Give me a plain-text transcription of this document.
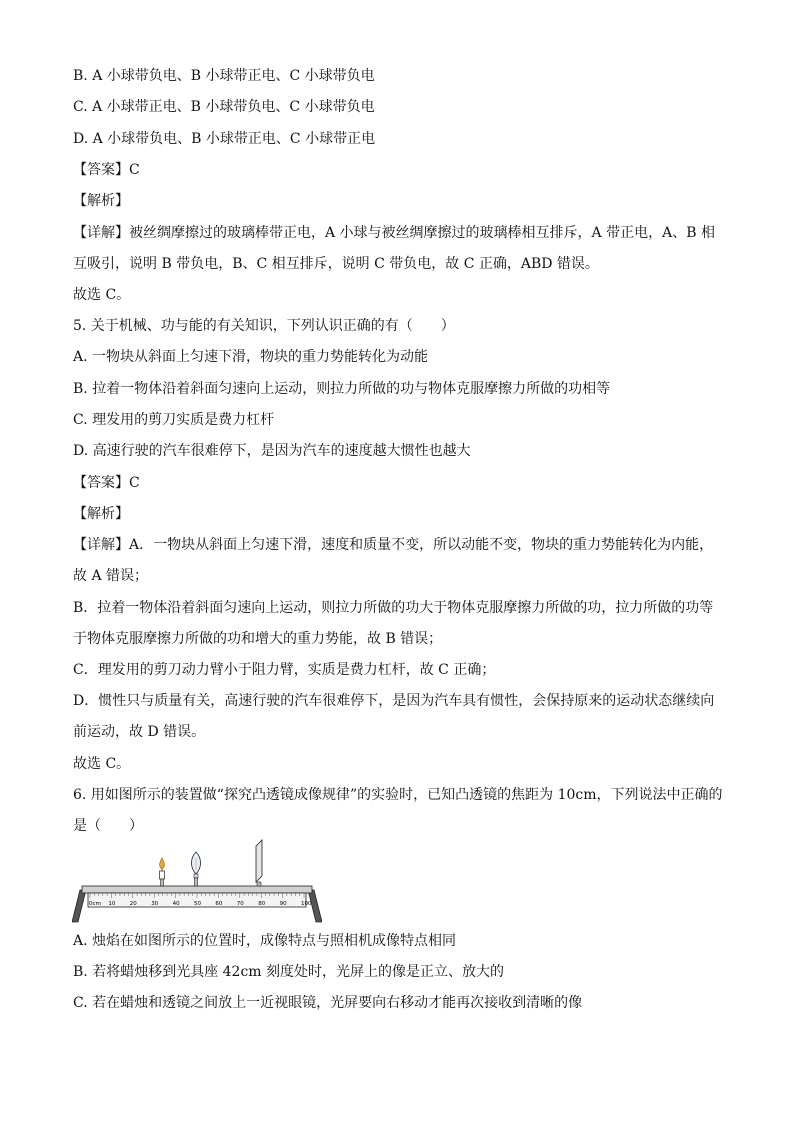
B. A 小球带负电、B 小球带正电、C 小球带负电
C. A 小球带正电、B 小球带负电、C 小球带负电
D. A 小球带负电、B 小球带正电、C 小球带正电
【答案】C
【解析】
【详解】被丝绸摩擦过的玻璃棒带正电，A 小球与被丝绸摩擦过的玻璃棒相互排斥，A 带正电，A、B 相
互吸引，说明 B 带负电，B、C 相互排斥，说明 C 带负电，故 C 正确，ABD 错误。
故选 C。
5. 关于机械、功与能的有关知识，下列认识正确的有（　　）
A. 一物块从斜面上匀速下滑，物块的重力势能转化为动能
B. 拉着一物体沿着斜面匀速向上运动，则拉力所做的功与物体克服摩擦力所做的功相等
C. 理发用的剪刀实质是费力杠杆
D. 高速行驶的汽车很难停下，是因为汽车的速度越大惯性也越大
【答案】C
【解析】
【详解】A．一物块从斜面上匀速下滑，速度和质量不变，所以动能不变，物块的重力势能转化为内能，
故 A 错误；
B．拉着一物体沿着斜面匀速向上运动，则拉力所做的功大于物体克服摩擦力所做的功，拉力所做的功等
于物体克服摩擦力所做的功和增大的重力势能，故 B 错误；
C．理发用的剪刀动力臂小于阻力臂，实质是费力杠杆，故 C 正确；
D．惯性只与质量有关，高速行驶的汽车很难停下，是因为汽车具有惯性，会保持原来的运动状态继续向
前运动，故 D 错误。
故选 C。
6. 用如图所示的装置做“探究凸透镜成像规律”的实验时，已知凸透镜的焦距为 10cm，下列说法中正确的
是（　　）
0cm 10	20	30	40	50	60	70	80	90	100
A. 烛焰在如图所示的位置时，成像特点与照相机成像特点相同
B. 若将蜡烛移到光具座 42cm 刻度处时，光屏上的像是正立、放大的
C. 若在蜡烛和透镜之间放上一近视眼镜，光屏要向右移动才能再次接收到清晰的像
